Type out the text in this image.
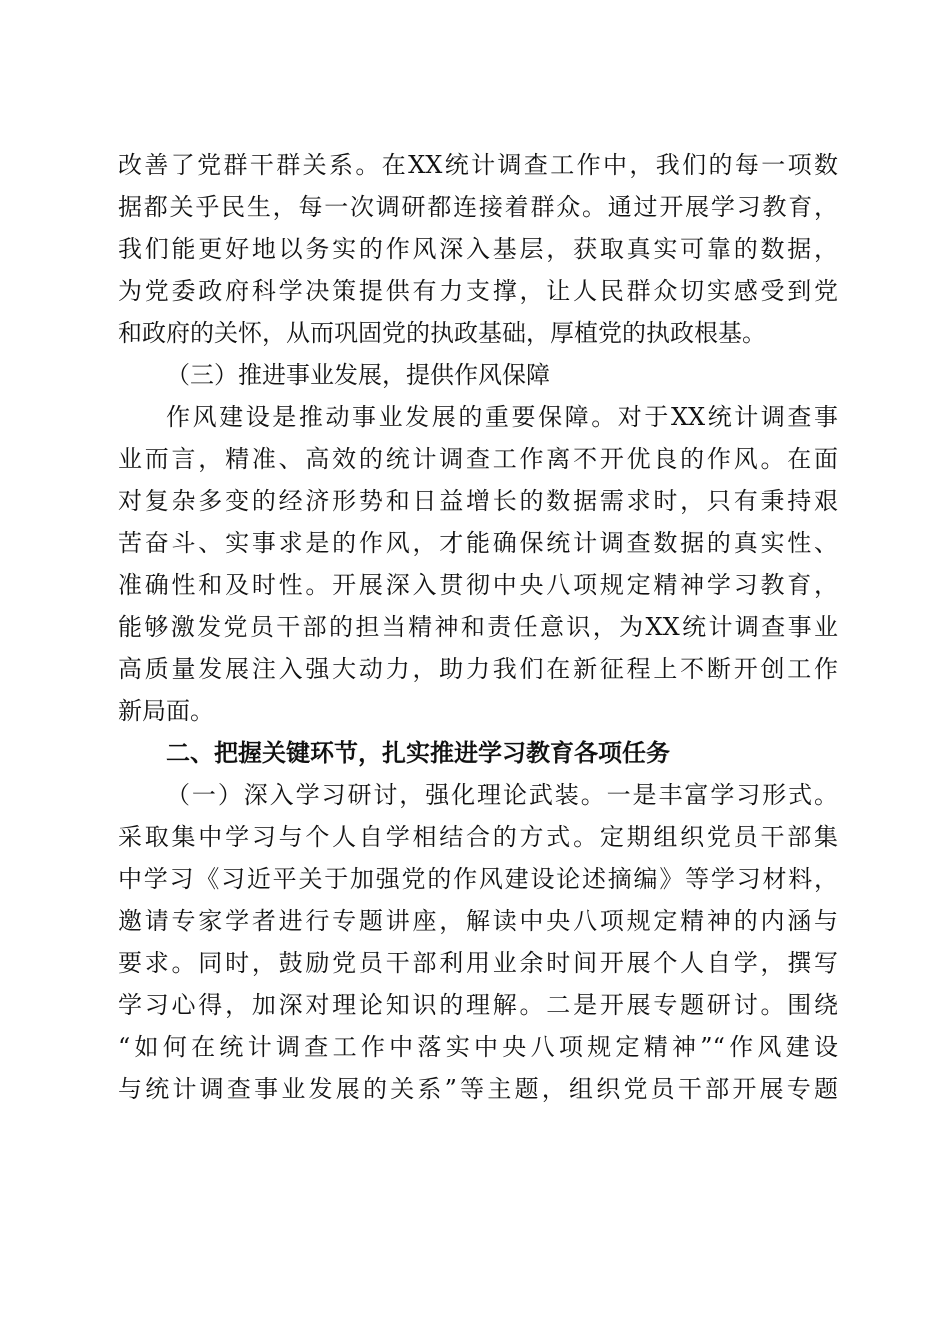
改善了党群干群关系。在XX统计调查工作中，我们的每一项数
据都关乎民生，每一次调研都连接着群众。通过开展学习教育，
我们能更好地以务实的作风深入基层，获取真实可靠的数据，
为党委政府科学决策提供有力支撑，让人民群众切实感受到党
和政府的关怀，从而巩固党的执政基础，厚植党的执政根基。
（三）推进事业发展，提供作风保障
作风建设是推动事业发展的重要保障。对于XX统计调查事
业而言，精准、高效的统计调查工作离不开优良的作风。在面
对复杂多变的经济形势和日益增长的数据需求时，只有秉持艰
苦奋斗、实事求是的作风，才能确保统计调查数据的真实性、
准确性和及时性。开展深入贯彻中央八项规定精神学习教育，
能够激发党员干部的担当精神和责任意识，为XX统计调查事业
高质量发展注入强大动力，助力我们在新征程上不断开创工作
新局面。
二、把握关键环节，扎实推进学习教育各项任务
（一）深入学习研讨，强化理论武装。一是丰富学习形式。
采取集中学习与个人自学相结合的方式。定期组织党员干部集
中学习《习近平关于加强党的作风建设论述摘编》等学习材料，
邀请专家学者进行专题讲座，解读中央八项规定精神的内涵与
要求。同时，鼓励党员干部利用业余时间开展个人自学，撰写
学习心得，加深对理论知识的理解。二是开展专题研讨。围绕
“如何在统计调查工作中落实中央八项规定精神”“作风建设
与统计调查事业发展的关系”等主题，组织党员干部开展专题
